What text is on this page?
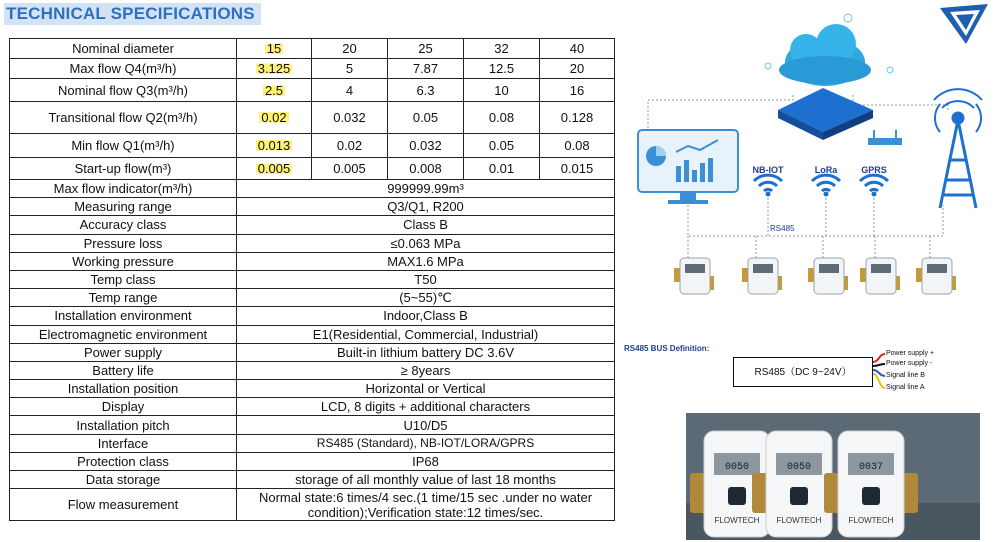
TECHNICAL SPECIFICATIONS
Nominal diameter	15	20	25	32	40
Max flow Q4(m³/h)	3.125	5	7.87	12.5	20
Nominal flow Q3(m³/h)	2.5	4	6.3	10	16
Transitional flow Q2(m³/h)	0.02	0.032	0.05	0.08	0.128
Min flow Q1(m³/h)	0.013	0.02	0.032	0.05	0.08
Start-up flow(m³)	0.005	0.005	0.008	0.01	0.015
Max flow indicator(m³/h)	999999.99m³				
Measuring range	Q3/Q1, R200				
Accuracy class	Class B				
Pressure loss	≤0.063 MPa				
Working pressure	MAX1.6 MPa				
Temp class	T50				
Temp range	(5~55)℃				
Installation environment	Indoor,Class B				
Electromagnetic environment	E1(Residential, Commercial, Industrial)				
Power supply	Built-in lithium battery DC 3.6V				
Battery life	≥ 8years				
Installation position	Horizontal or Vertical				
Display	LCD, 8 digits + additional characters				
Installation pitch	U10/D5				
Interface	RS485 (Standard), NB-IOT/LORA/GPRS				
Protection class	IP68				
Data storage	storage of all monthly value of last 18 months				
Flow measurement	Normal state:6 times/4 sec.(1 time/15 sec .under no water condition);Verification state:12 times/sec.				
NB-IOT	LoRa	GPRS
RS485
RS485 BUS Definition:
RS485（DC 9~24V）
Power supply +
Power supply -
Signal line B
Signal line A
0050
FLOWTECH
0050
FLOWTECH
0037
FLOWTECH
